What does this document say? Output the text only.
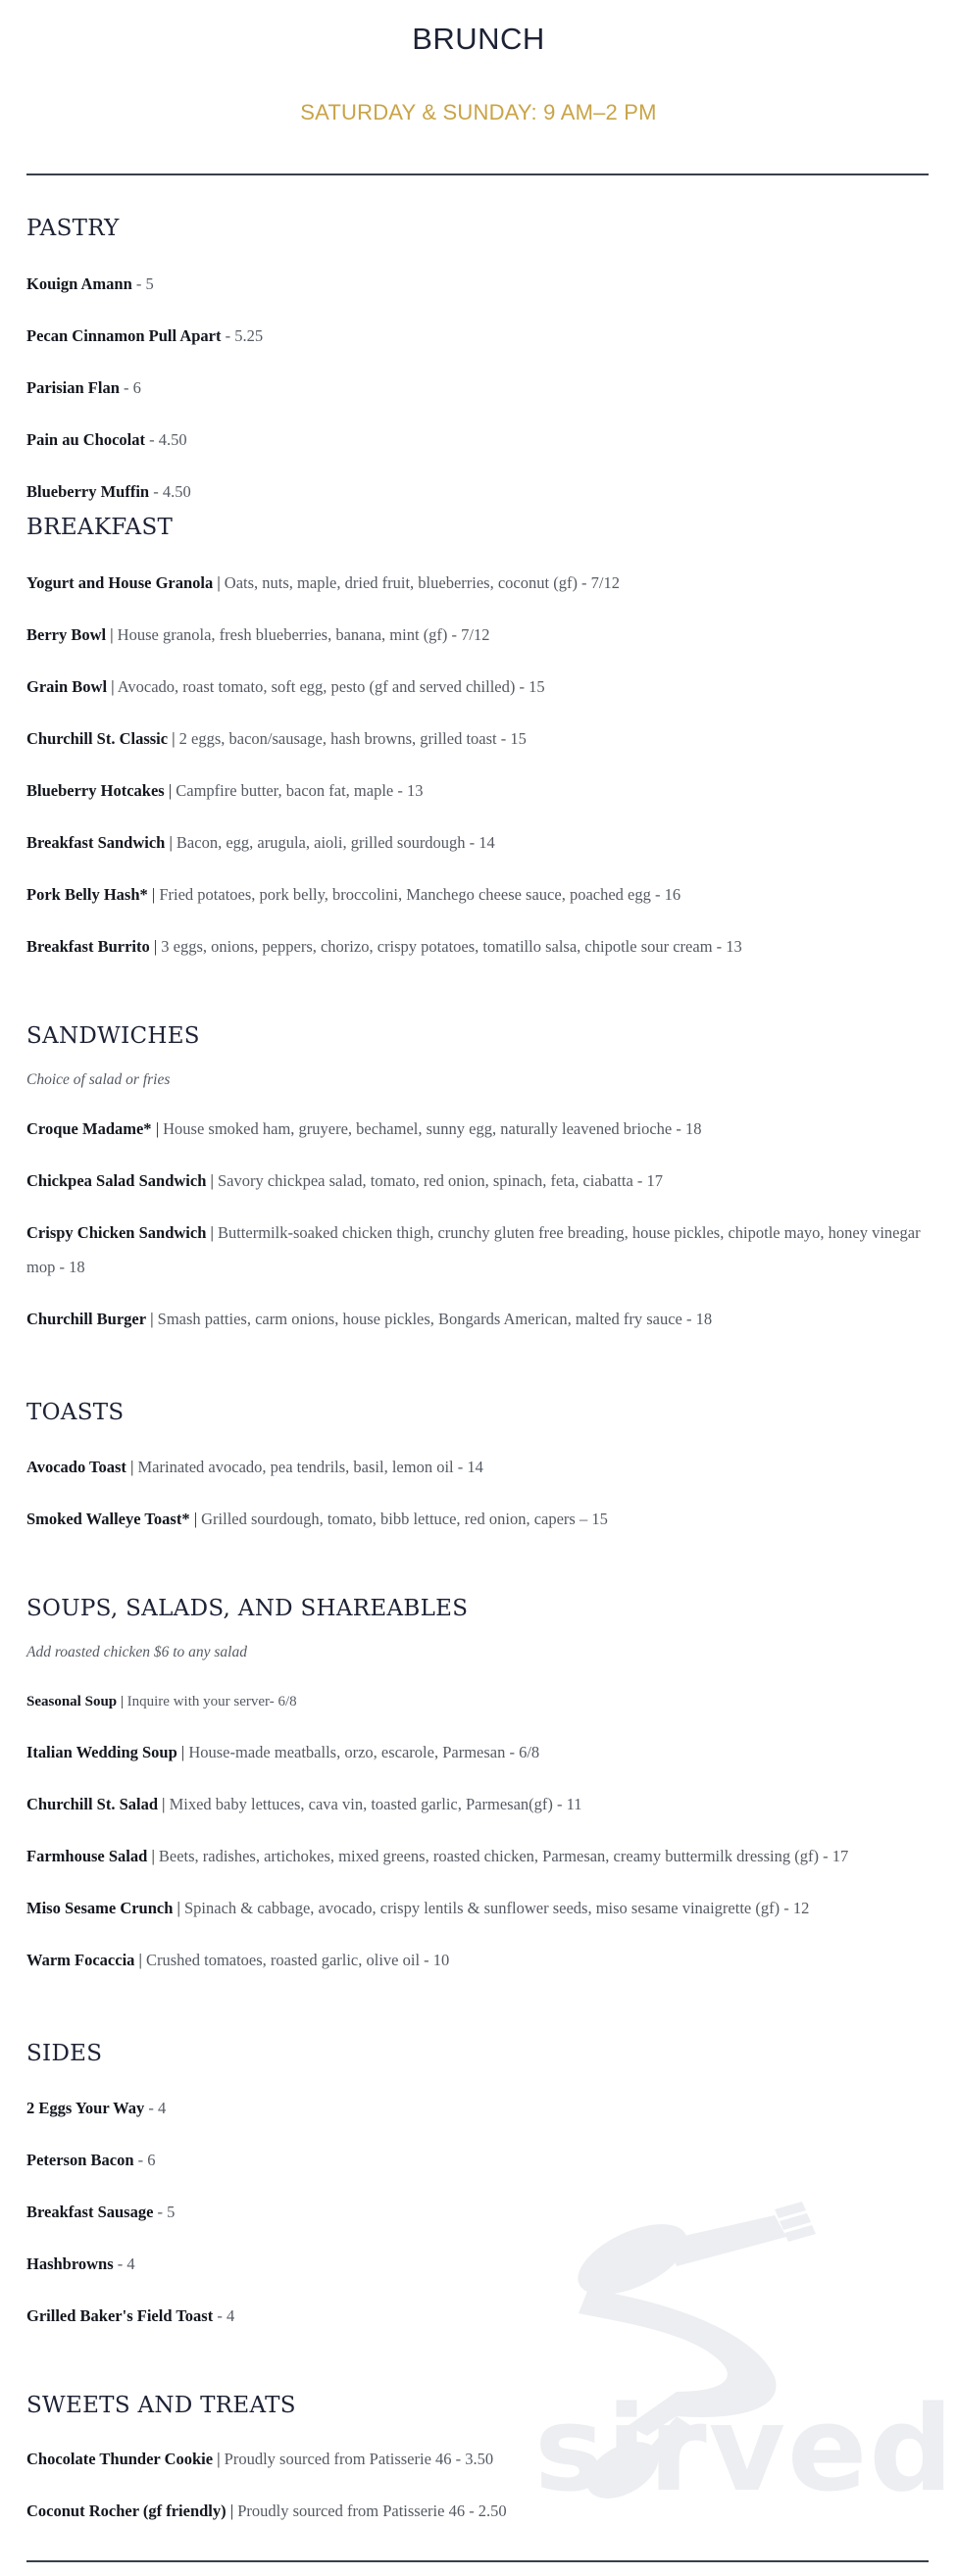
BRUNCH
SATURDAY & SUNDAY: 9 AM–2 PM
sirved
PASTRY
Kouign Amann - 5
Pecan Cinnamon Pull Apart - 5.25
Parisian Flan - 6
Pain au Chocolat - 4.50
Blueberry Muffin - 4.50
BREAKFAST
Yogurt and House Granola | Oats, nuts, maple, dried fruit, blueberries, coconut (gf) - 7/12
Berry Bowl | House granola, fresh blueberries, banana, mint (gf) - 7/12
Grain Bowl | Avocado, roast tomato, soft egg, pesto (gf and served chilled) - 15
Churchill St. Classic | 2 eggs, bacon/sausage, hash browns, grilled toast - 15
Blueberry Hotcakes | Campfire butter, bacon fat, maple - 13
Breakfast Sandwich | Bacon, egg, arugula, aioli, grilled sourdough - 14
Pork Belly Hash* | Fried potatoes, pork belly, broccolini, Manchego cheese sauce, poached egg - 16
Breakfast Burrito | 3 eggs, onions, peppers, chorizo, crispy potatoes, tomatillo salsa, chipotle sour cream - 13
SANDWICHES
Choice of salad or fries
Croque Madame* | House smoked ham, gruyere, bechamel, sunny egg, naturally leavened brioche - 18
Chickpea Salad Sandwich | Savory chickpea salad, tomato, red onion, spinach, feta, ciabatta - 17
Crispy Chicken Sandwich | Buttermilk-soaked chicken thigh, crunchy gluten free breading, house pickles, chipotle mayo, honey vinegar mop - 18
Churchill Burger | Smash patties, carm onions, house pickles, Bongards American, malted fry sauce - 18
TOASTS
Avocado Toast | Marinated avocado, pea tendrils, basil, lemon oil - 14
Smoked Walleye Toast* | Grilled sourdough, tomato, bibb lettuce, red onion, capers – 15
SOUPS, SALADS, AND SHAREABLES
Add roasted chicken $6 to any salad
Seasonal Soup | Inquire with your server- 6/8
Italian Wedding Soup | House-made meatballs, orzo, escarole, Parmesan - 6/8
Churchill St. Salad | Mixed baby lettuces, cava vin, toasted garlic, Parmesan(gf) - 11
Farmhouse Salad | Beets, radishes, artichokes, mixed greens, roasted chicken, Parmesan, creamy buttermilk dressing (gf) - 17
Miso Sesame Crunch | Spinach & cabbage, avocado, crispy lentils & sunflower seeds, miso sesame vinaigrette (gf) - 12
Warm Focaccia | Crushed tomatoes, roasted garlic, olive oil - 10
SIDES
2 Eggs Your Way - 4
Peterson Bacon - 6
Breakfast Sausage - 5
Hashbrowns - 4
Grilled Baker's Field Toast - 4
SWEETS AND TREATS
Chocolate Thunder Cookie | Proudly sourced from Patisserie 46 - 3.50
Coconut Rocher (gf friendly) | Proudly sourced from Patisserie 46 - 2.50
